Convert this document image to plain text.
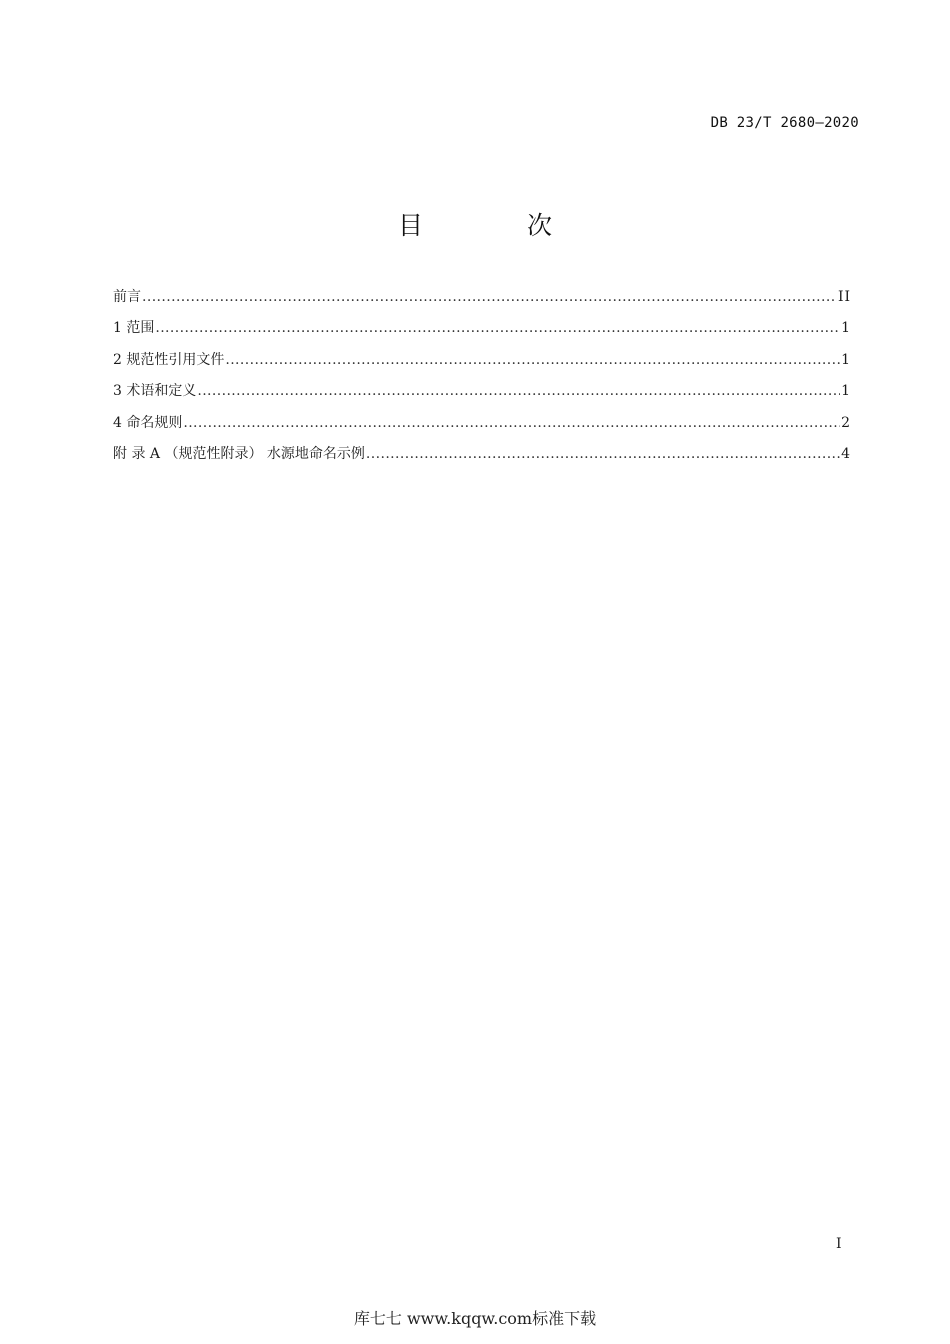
DB 23/T 2680—2020
目 次
前言 .....	II
1 范围 .....	1
2 规范性引用文件 .....	1
3 术语和定义 .....	1
4 命名规则 .....	2
附 录 A （规范性附录） 水源地命名示例 .....	4
I
库七七 www.kqqw.com标准下载
